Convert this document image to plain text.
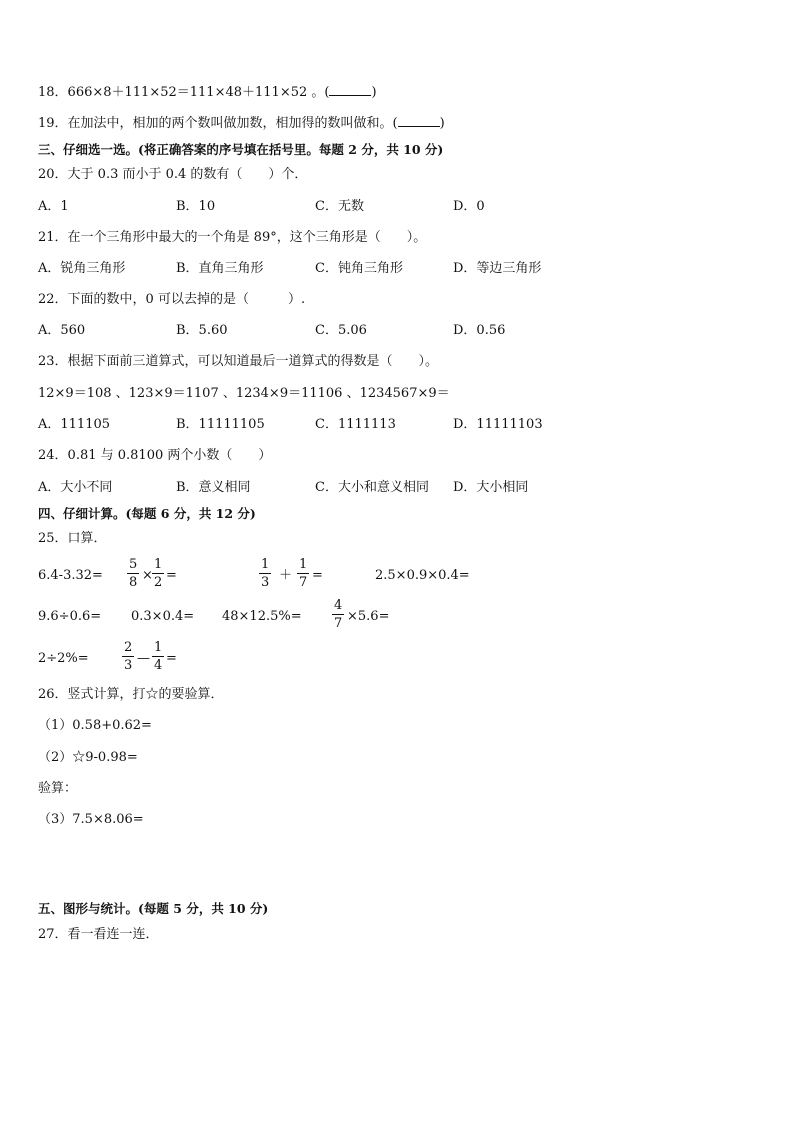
18．666×8＋111×52＝111×48＋111×52 。(	)
19．在加法中，相加的两个数叫做加数，相加得的数叫做和。(	)
三、仔细选一选。(将正确答案的序号填在括号里。每题 2 分，共 10 分)
20．大于 0.3 而小于 0.4 的数有（　　）个．
A．1	B．10	C．无数	D．0
21．在一个三角形中最大的一个角是 89°，这个三角形是（　　）。
A．锐角三角形	B．直角三角形	C．钝角三角形	D．等边三角形
22．下面的数中，0 可以去掉的是（　　　）.
A．560	B．5.60	C．5.06	D．0.56
23．根据下面前三道算式，可以知道最后一道算式的得数是（　　）。
12×9＝108 、123×9＝1107 、1234×9＝11106 、1234567×9＝
A．111105	B．11111105	C．1111113	D．11111103
24．0.81 与 0.8100 两个小数（　　）
A．大小不同	B．意义相同	C．大小和意义相同 D．大小相同
四、仔细计算。(每题 6 分，共 12 分)
25．口算．
$6.4-3.32= \frac{5}{8} \times \frac{1}{2}$ =	$\frac{1}{3} + \frac{1}{7}$ =	2.5×0.9×0.4=
$9.6\div 0.6= 0.3\times 0.4= 48\times 12.5\%= \frac{4}{7} \times 5.6=$
2÷2%=	$\frac{2}{3}$ — $\frac{1}{4}$ =
26．竖式计算，打☆的要验算．
（1）0.58+0.62=
（2）☆9-0.98=
验算：
（3）7.5×8.06=
五、图形与统计。(每题 5 分，共 10 分)
27．看一看连一连．
